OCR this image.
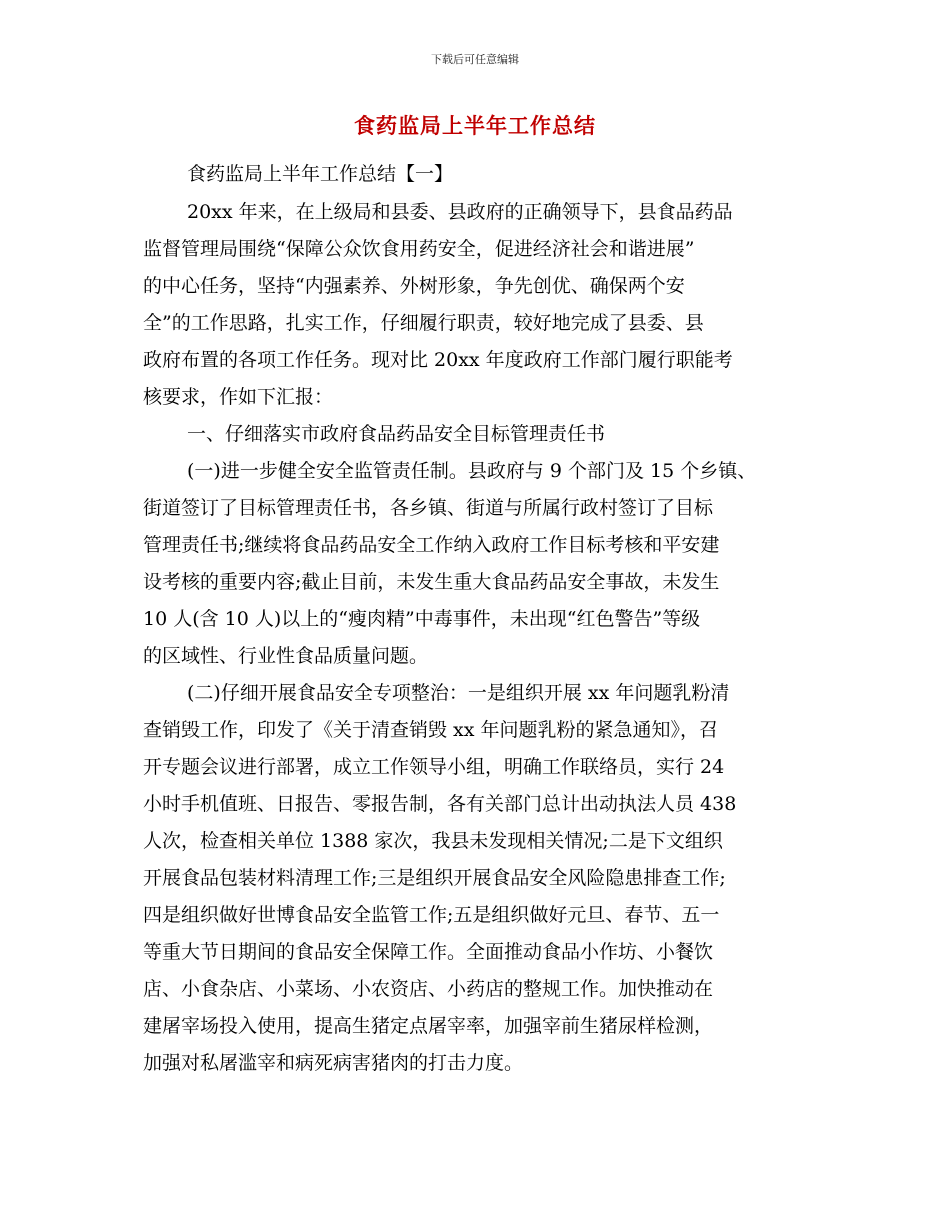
下载后可任意编辑
食药监局上半年工作总结
食药监局上半年工作总结【一】
20xx 年来，在上级局和县委、县政府的正确领导下，县食品药品
监督管理局围绕“保障公众饮食用药安全，促进经济社会和谐进展”
的中心任务，坚持“内强素养、外树形象，争先创优、确保两个安
全”的工作思路，扎实工作，仔细履行职责，较好地完成了县委、县
政府布置的各项工作任务。现对比 20xx 年度政府工作部门履行职能考
核要求，作如下汇报：
一、仔细落实市政府食品药品安全目标管理责任书
(一)进一步健全安全监管责任制。县政府与 9 个部门及 15 个乡镇、
街道签订了目标管理责任书，各乡镇、街道与所属行政村签订了目标
管理责任书;继续将食品药品安全工作纳入政府工作目标考核和平安建
设考核的重要内容;截止目前，未发生重大食品药品安全事故，未发生
10 人(含 10 人)以上的“瘦肉精”中毒事件，未出现“红色警告”等级
的区域性、行业性食品质量问题。
(二)仔细开展食品安全专项整治：一是组织开展 xx 年问题乳粉清
查销毁工作，印发了《关于清查销毁 xx 年问题乳粉的紧急通知》，召
开专题会议进行部署，成立工作领导小组，明确工作联络员，实行 24
小时手机值班、日报告、零报告制，各有关部门总计出动执法人员 438
人次，检查相关单位 1388 家次，我县未发现相关情况;二是下文组织
开展食品包装材料清理工作;三是组织开展食品安全风险隐患排查工作;
四是组织做好世博食品安全监管工作;五是组织做好元旦、春节、五一
等重大节日期间的食品安全保障工作。全面推动食品小作坊、小餐饮
店、小食杂店、小菜场、小农资店、小药店的整规工作。加快推动在
建屠宰场投入使用，提高生猪定点屠宰率，加强宰前生猪尿样检测，
加强对私屠滥宰和病死病害猪肉的打击力度。
